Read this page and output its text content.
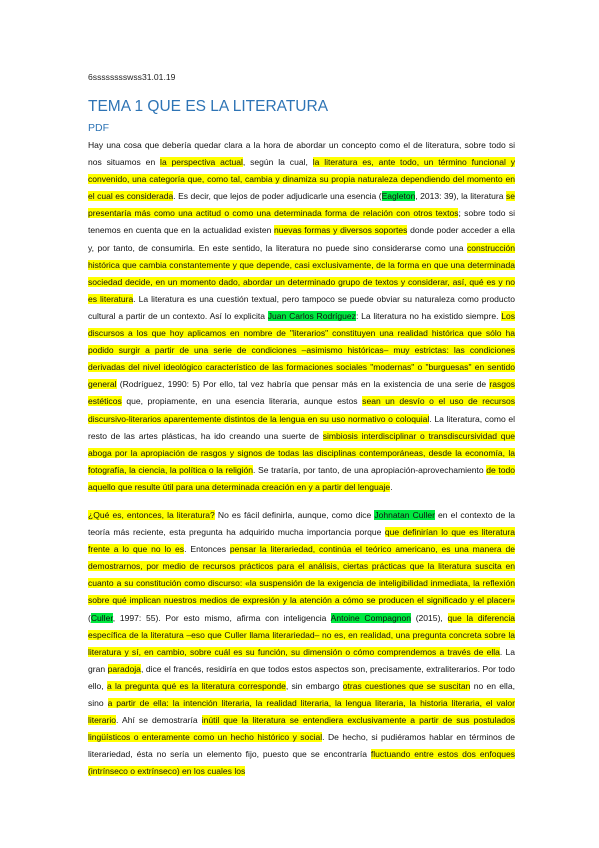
6sssssssswss31.01.19
TEMA 1 QUE ES LA LITERATURA
PDF

Hay una cosa que debería quedar clara a la hora de abordar un concepto como el de literatura, sobre todo si nos situamos en la perspectiva actual, según la cual, la literatura es, ante todo, un término funcional y convenido, una categoría que, como tal, cambia y dinamiza su propia naturaleza dependiendo del momento en el cual es considerada. Es decir, que lejos de poder adjudicarle una esencia (Eagleton, 2013: 39), la literatura se presentaría más como una actitud o como una determinada forma de relación con otros textos; sobre todo si tenemos en cuenta que en la actualidad existen nuevas formas y diversos soportes donde poder acceder a ella y, por tanto, de consumirla. En este sentido, la literatura no puede sino considerarse como una construcción histórica que cambia constantemente y que depende, casi exclusivamente, de la forma en que una determinada sociedad decide, en un momento dado, abordar un determinado grupo de textos y considerar, así, qué es y no es literatura. La literatura es una cuestión textual, pero tampoco se puede obviar su naturaleza como producto cultural a partir de un contexto. Así lo explicita Juan Carlos Rodríguez: La literatura no ha existido siempre. Los discursos a los que hoy aplicamos en nombre de "literarios" constituyen una realidad histórica que sólo ha podido surgir a partir de una serie de condiciones –asimismo históricas– muy estrictas: las condiciones derivadas del nivel ideológico característico de las formaciones sociales "modernas" o "burguesas" en sentido general (Rodríguez, 1990: 5) Por ello, tal vez habría que pensar más en la existencia de una serie de rasgos estéticos que, propiamente, en una esencia literaria, aunque estos sean un desvío o el uso de recursos discursivo-literarios aparentemente distintos de la lengua en su uso normativo o coloquial. La literatura, como el resto de las artes plásticas, ha ido creando una suerte de simbiosis interdisciplinar o transdiscursividad que aboga por la apropiación de rasgos y signos de todas las disciplinas contemporáneas, desde la economía, la fotografía, la ciencia, la política o la religión. Se trataría, por tanto, de una apropiación-aprovechamiento de todo aquello que resulte útil para una determinada creación en y a partir del lenguaje.

¿Qué es, entonces, la literatura? No es fácil definirla, aunque, como dice Johnatan Culler en el contexto de la teoría más reciente, esta pregunta ha adquirido mucha importancia porque que definirían lo que es literatura frente a lo que no lo es. Entonces pensar la literariedad, continúa el teórico americano, es una manera de demostrarnos, por medio de recursos prácticos para el análisis, ciertas prácticas que la literatura suscita en cuanto a su constitución como discurso: «la suspensión de la exigencia de inteligibilidad inmediata, la reflexión sobre qué implican nuestros medios de expresión y la atención a cómo se producen el significado y el placer» (Culler, 1997: 55). Por esto mismo, afirma con inteligencia Antoine Compagnon (2015), que la diferencia específica de la literatura –eso que Culler llama literariedad– no es, en realidad, una pregunta concreta sobre la literatura y sí, en cambio, sobre cuál es su función, su dimensión o cómo comprendemos a través de ella. La gran paradoja, dice el francés, residiría en que todos estos aspectos son, precisamente, extraliterarios. Por todo ello, a la pregunta qué es la literatura corresponde, sin embargo otras cuestiones que se suscitan no en ella, sino a partir de ella: la intención literaria, la realidad literaria, la lengua literaria, la historia literaria, el valor literario. Ahí se demostraría inútil que la literatura se entendiera exclusivamente a partir de sus postulados lingüísticos o enteramente como un hecho histórico y social. De hecho, si pudiéramos hablar en términos de literariedad, ésta no sería un elemento fijo, puesto que se encontraría fluctuando entre estos dos enfoques (intrínseco o extrínseco) en los cuales los
